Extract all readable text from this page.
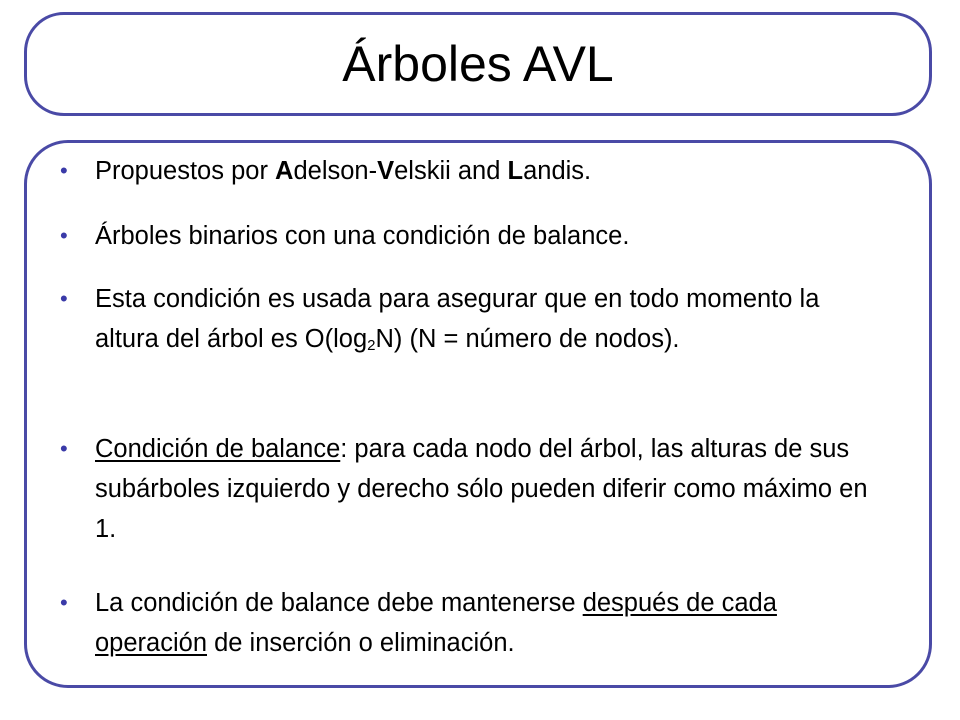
Árboles AVL
• Propuestos por Adelson-Velskii and Landis.
• Árboles binarios con una condición de balance.
• Esta condición es usada para asegurar que en todo momento la altura del árbol es $O(\log_2N) (N$ = número de nodos).
• Condición de balance: para cada nodo del árbol, las alturas de sus subárboles izquierdo y derecho sólo pueden diferir como máximo en 1.
• La condición de balance debe mantenerse después de cada operación de inserción o eliminación.
